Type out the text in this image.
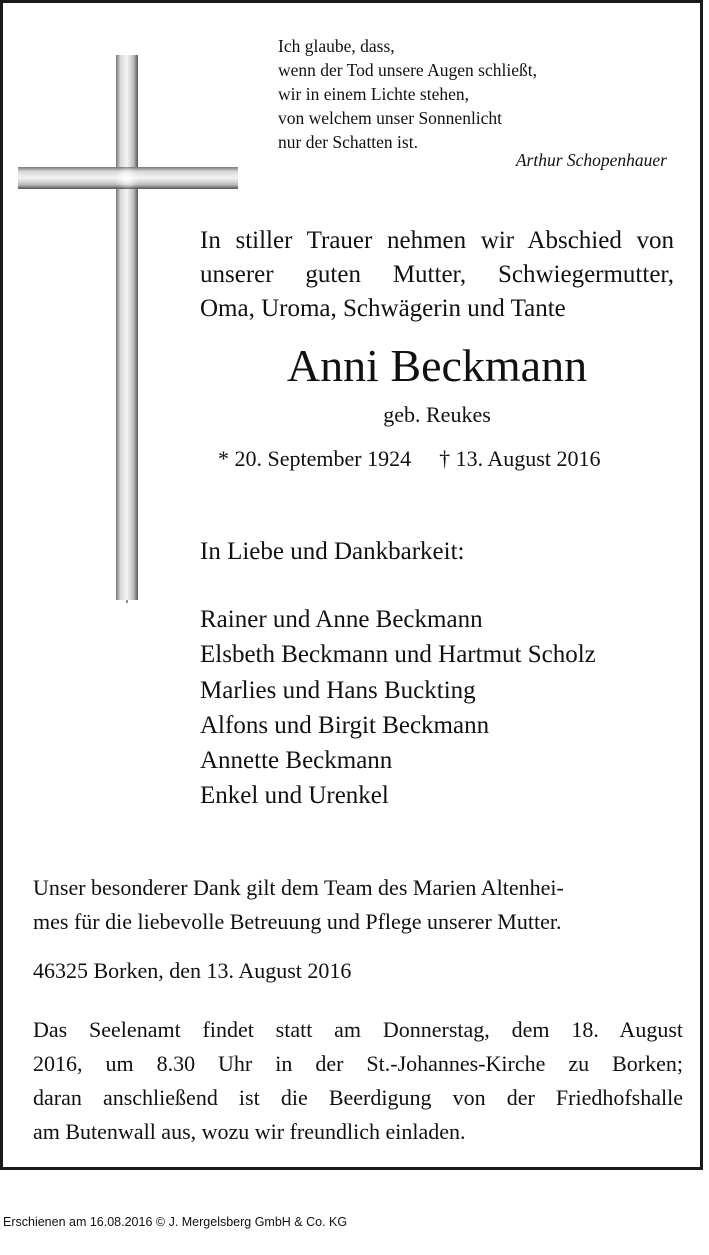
Ich glaube, dass,
wenn der Tod unsere Augen schließt,
wir in einem Lichte stehen,
von welchem unser Sonnenlicht
nur der Schatten ist.
Arthur Schopenhauer
In stiller Trauer nehmen wir Abschied von
unserer guten Mutter, Schwiegermutter,
Oma, Uroma, Schwägerin und Tante
Anni Beckmann
geb. Reukes
* 20. September 1924 † 13. August 2016
In Liebe und Dankbarkeit:
Rainer und Anne Beckmann
Elsbeth Beckmann und Hartmut Scholz
Marlies und Hans Buckting
Alfons und Birgit Beckmann
Annette Beckmann
Enkel und Urenkel
Unser besonderer Dank gilt dem Team des Marien Altenhei-
mes für die liebevolle Betreuung und Pflege unserer Mutter.
46325 Borken, den 13. August 2016
Das Seelenamt findet statt am Donnerstag, dem 18. August
2016, um 8.30 Uhr in der St.-Johannes-Kirche zu Borken;
daran anschließend ist die Beerdigung von der Friedhofshalle
am Butenwall aus, wozu wir freundlich einladen.
Erschienen am 16.08.2016 © J. Mergelsberg GmbH & Co. KG
